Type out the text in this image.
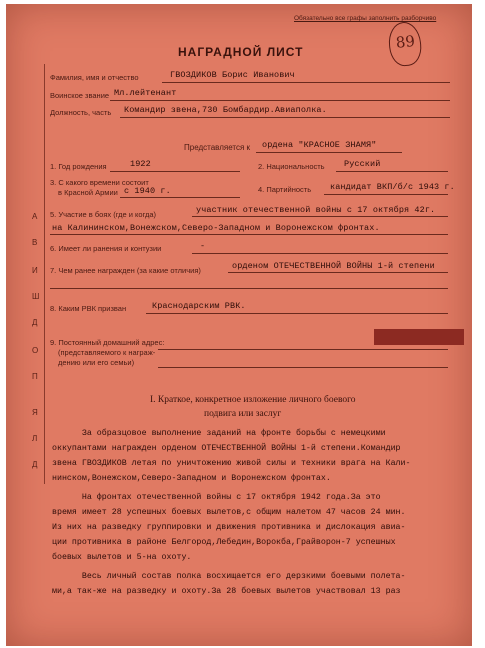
Обязательно все графы заполнить разборчиво
89
НАГРАДНОЙ ЛИСТ
Фамилия, имя и отчество	ГВОЗДИКОВ Борис Иванович
Воинское звание Мл.лейтенант
Должность, часть Командир звена,730 Бомбардир.Авиаполка.
Представляется к ордена "КРАСНОЕ ЗНАМЯ"
1. Год рождения	1922	2. Национальность Русский
3. С какого времени состоит
в Красной Армии с 1940 г.	4. Партийность кандидат ВКП/б/с 1943 г.
5. Участие в боях (где и когда)	участник отечественной войны с 17 октября 42г.
на Калининском,Вонежском,Северо-Западном и Воронежском фронтах.
6. Имеет ли ранения и контузии	-
7. Чем ранее награжден (за какие отличия)	орденом ОТЕЧЕСТВЕННОЙ ВОЙНЫ 1-й степени
8. Каким РВК призван	Краснодарским РВК.
9. Постоянный домашний адрес:
(представляемого к награж-
дению или его семьи)
А
В
И
Ш
Д
О
П
Я
Л
Д
I. Краткое, конкретное изложение личного боевого
подвига или заслуг
За образцовое выполнение заданий на фронте борьбы с немецкими
оккупантами награжден орденом ОТЕЧЕСТВЕННОЙ ВОЙНЫ 1-й степени.Командир
звена ГВОЗДИКОВ летая по уничтожению живой силы и техники врага на Кали-
нинском,Вонежском,Северо-Западном и Воронежском фронтах.
На фронтах отечественной войны с 17 октября 1942 года.За это
время имеет 28 успешных боевых вылетов,с общим налетом 47 часов 24 мин.
Из них на разведку группировки и движения противника и дислокация авиа-
ции противника в районе Белгород,Лебедин,Ворокба,Грайворон-7 успешных
боевых вылетов и 5-на охоту.
Весь личный состав полка восхищается его дерзкими боевыми полета-
ми,а так-же на разведку и охоту.За 28 боевых вылетов участвовал 13 раз
